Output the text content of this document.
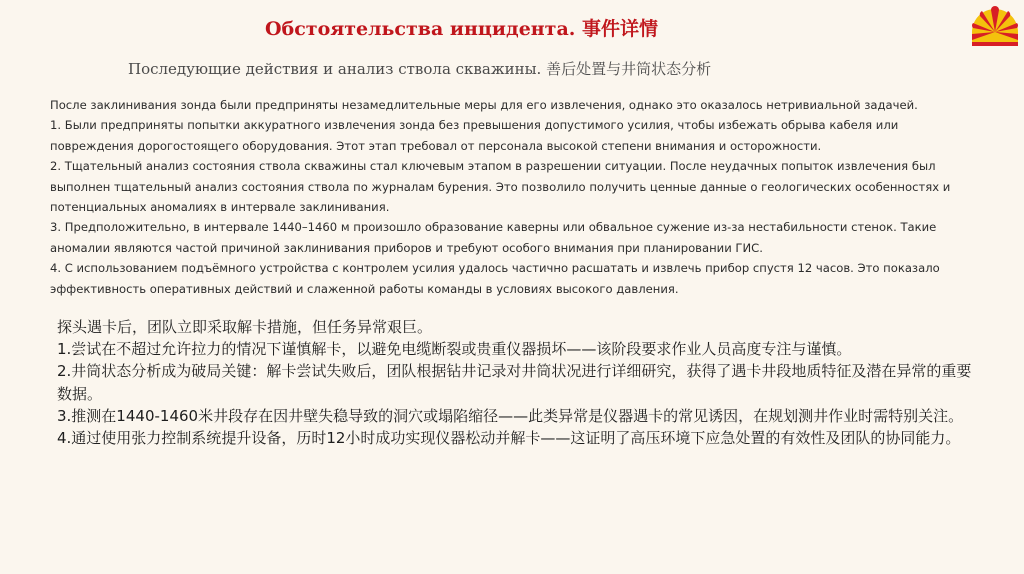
Обстоятельства инцидента. 事件详情
Последующие действия и анализ ствола скважины. 善后处置与井筒状态分析

После заклинивания зонда были предприняты незамедлительные меры для его извлечения, однако это оказалось нетривиальной задачей.

1. Были предприняты попытки аккуратного извлечения зонда без превышения допустимого усилия, чтобы избежать обрыва кабеля или повреждения дорогостоящего оборудования. Этот этап требовал от персонала высокой степени внимания и осторожности.

2. Тщательный анализ состояния ствола скважины стал ключевым этапом в разрешении ситуации. После неудачных попыток извлечения был выполнен тщательный анализ состояния ствола по журналам бурения. Это позволило получить ценные данные о геологических особенностях и потенциальных аномалиях в интервале заклинивания.

3. Предположительно, в интервале 1440–1460 м произошло образование каверны или обвальное сужение из-за нестабильности стенок. Такие аномалии являются частой причиной заклинивания приборов и требуют особого внимания при планировании ГИС.

4. С использованием подъёмного устройства с контролем усилия удалось частично расшатать и извлечь прибор спустя 12 часов. Это показало эффективность оперативных действий и слаженной работы команды в условиях высокого давления.

探头遇卡后，团队立即采取解卡措施，但任务异常艰巨。

1.尝试在不超过允许拉力的情况下谨慎解卡，以避免电缆断裂或贵重仪器损坏——该阶段要求作业人员高度专注与谨慎。

2.井筒状态分析成为破局关键：解卡尝试失败后，团队根据钻井记录对井筒状况进行详细研究，获得了遇卡井段地质特征及潜在异常的重要数据。

3.推测在1440-1460米井段存在因井壁失稳导致的洞穴或塌陷缩径——此类异常是仪器遇卡的常见诱因，在规划测井作业时需特别关注。

4.通过使用张力控制系统提升设备，历时12小时成功实现仪器松动并解卡——这证明了高压环境下应急处置的有效性及团队的协同能力。
